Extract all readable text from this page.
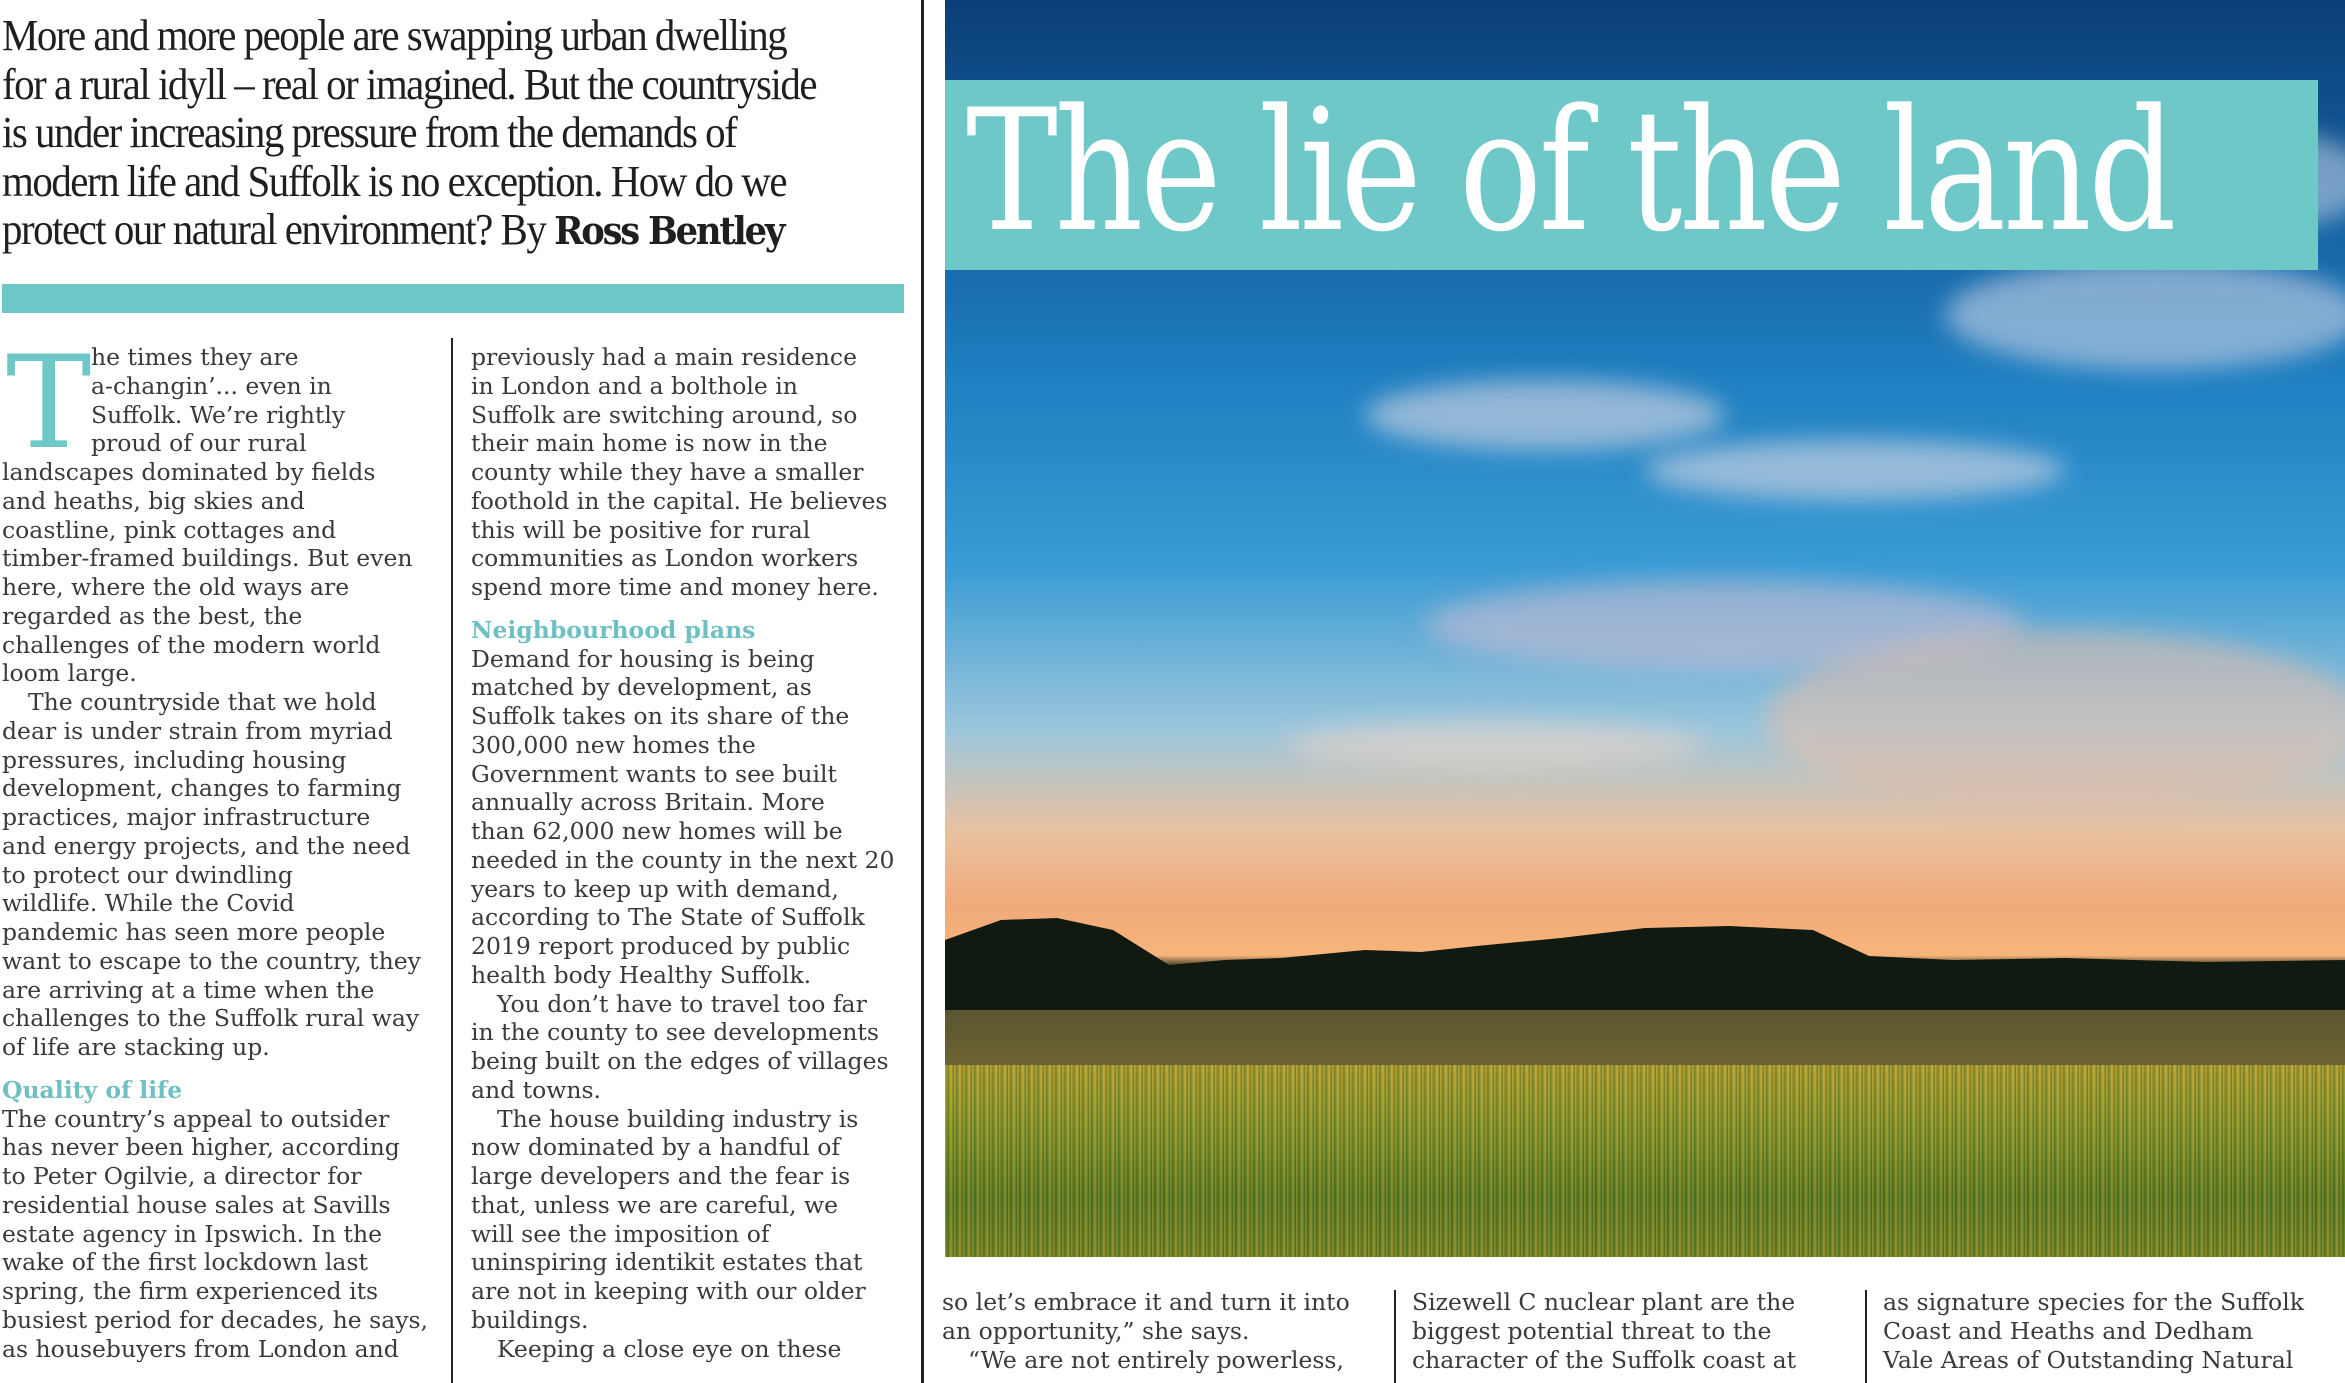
More and more people are swapping urban dwelling
for a rural idyll – real or imagined. But the countryside
is under increasing pressure from the demands of
modern life and Suffolk is no exception. How do we
protect our natural environment? By Ross Bentley
T he times they are
a-changin’... even in
Suffolk. We’re rightly
proud of our rural
landscapes dominated by fields
and heaths, big skies and
coastline, pink cottages and
timber-framed buildings. But even
here, where the old ways are
regarded as the best, the
challenges of the modern world
loom large.
The countryside that we hold
dear is under strain from myriad
pressures, including housing
development, changes to farming
practices, major infrastructure
and energy projects, and the need
to protect our dwindling
wildlife. While the Covid
pandemic has seen more people
want to escape to the country, they
are arriving at a time when the
challenges to the Suffolk rural way
of life are stacking up.
Quality of life
The country’s appeal to outsider
has never been higher, according
to Peter Ogilvie, a director for
residential house sales at Savills
estate agency in Ipswich. In the
wake of the first lockdown last
spring, the firm experienced its
busiest period for decades, he says,
as housebuyers from London and
previously had a main residence
in London and a bolthole in
Suffolk are switching around, so
their main home is now in the
county while they have a smaller
foothold in the capital. He believes
this will be positive for rural
communities as London workers
spend more time and money here.
Neighbourhood plans
Demand for housing is being
matched by development, as
Suffolk takes on its share of the
300,000 new homes the
Government wants to see built
annually across Britain. More
than 62,000 new homes will be
needed in the county in the next 20
years to keep up with demand,
according to The State of Suffolk
2019 report produced by public
health body Healthy Suffolk.
You don’t have to travel too far
in the county to see developments
being built on the edges of villages
and towns.
The house building industry is
now dominated by a handful of
large developers and the fear is
that, unless we are careful, we
will see the imposition of
uninspiring identikit estates that
are not in keeping with our older
buildings.
Keeping a close eye on these
The lie of the land
so let’s embrace it and turn it into
an opportunity,” she says.
“We are not entirely powerless,
Sizewell C nuclear plant are the
biggest potential threat to the
character of the Suffolk coast at
as signature species for the Suffolk
Coast and Heaths and Dedham
Vale Areas of Outstanding Natural
